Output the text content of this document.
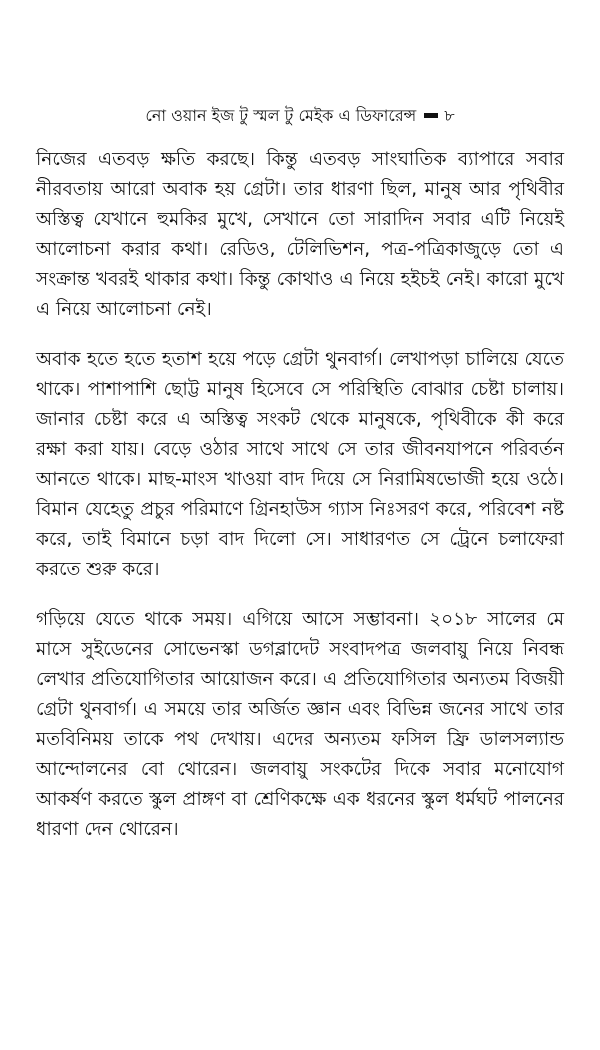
নো ওয়ান ইজ টু স্মল টু মেইক এ ডিফারেন্স ৮

নিজের এতবড় ক্ষতি করছে। কিন্তু এতবড় সাংঘাতিক ব্যাপারে সবার নীরবতায় আরো অবাক হয় গ্রেটা। তার ধারণা ছিল, মানুষ আর পৃথিবীর অস্তিত্ব যেখানে হুমকির মুখে, সেখানে তো সারাদিন সবার এটি নিয়েই আলোচনা করার কথা। রেডিও, টেলিভিশন, পত্র-পত্রিকাজুড়ে তো এ সংক্রান্ত খবরই থাকার কথা। কিন্তু কোথাও এ নিয়ে হইচই নেই। কারো মুখে এ নিয়ে আলোচনা নেই।

অবাক হতে হতে হতাশ হয়ে পড়ে গ্রেটা থুনবার্গ। লেখাপড়া চালিয়ে যেতে থাকে। পাশাপাশি ছোট্ট মানুষ হিসেবে সে পরিস্থিতি বোঝার চেষ্টা চালায়। জানার চেষ্টা করে এ অস্তিত্ব সংকট থেকে মানুষকে, পৃথিবীকে কী করে রক্ষা করা যায়। বেড়ে ওঠার সাথে সাথে সে তার জীবনযাপনে পরিবর্তন আনতে থাকে। মাছ-মাংস খাওয়া বাদ দিয়ে সে নিরামিষভোজী হয়ে ওঠে। বিমান যেহেতু প্রচুর পরিমাণে গ্রিনহাউস গ্যাস নিঃসরণ করে, পরিবেশ নষ্ট করে, তাই বিমানে চড়া বাদ দিলো সে। সাধারণত সে ট্রেনে চলাফেরা করতে শুরু করে।

গড়িয়ে যেতে থাকে সময়। এগিয়ে আসে সম্ভাবনা। ২০১৮ সালের মে মাসে সুইডেনের সোভেনস্কা ডগব্লাদেট সংবাদপত্র জলবায়ু নিয়ে নিবন্ধ লেখার প্রতিযোগিতার আয়োজন করে। এ প্রতিযোগিতার অন্যতম বিজয়ী গ্রেটা থুনবার্গ। এ সময়ে তার অর্জিত জ্ঞান এবং বিভিন্ন জনের সাথে তার মতবিনিময় তাকে পথ দেখায়। এদের অন্যতম ফসিল ফ্রি ডালসল্যান্ড আন্দোলনের বো থোরেন। জলবায়ু সংকটের দিকে সবার মনোযোগ আকর্ষণ করতে স্কুল প্রাঙ্গণ বা শ্রেণিকক্ষে এক ধরনের স্কুল ধর্মঘট পালনের ধারণা দেন থোরেন।
